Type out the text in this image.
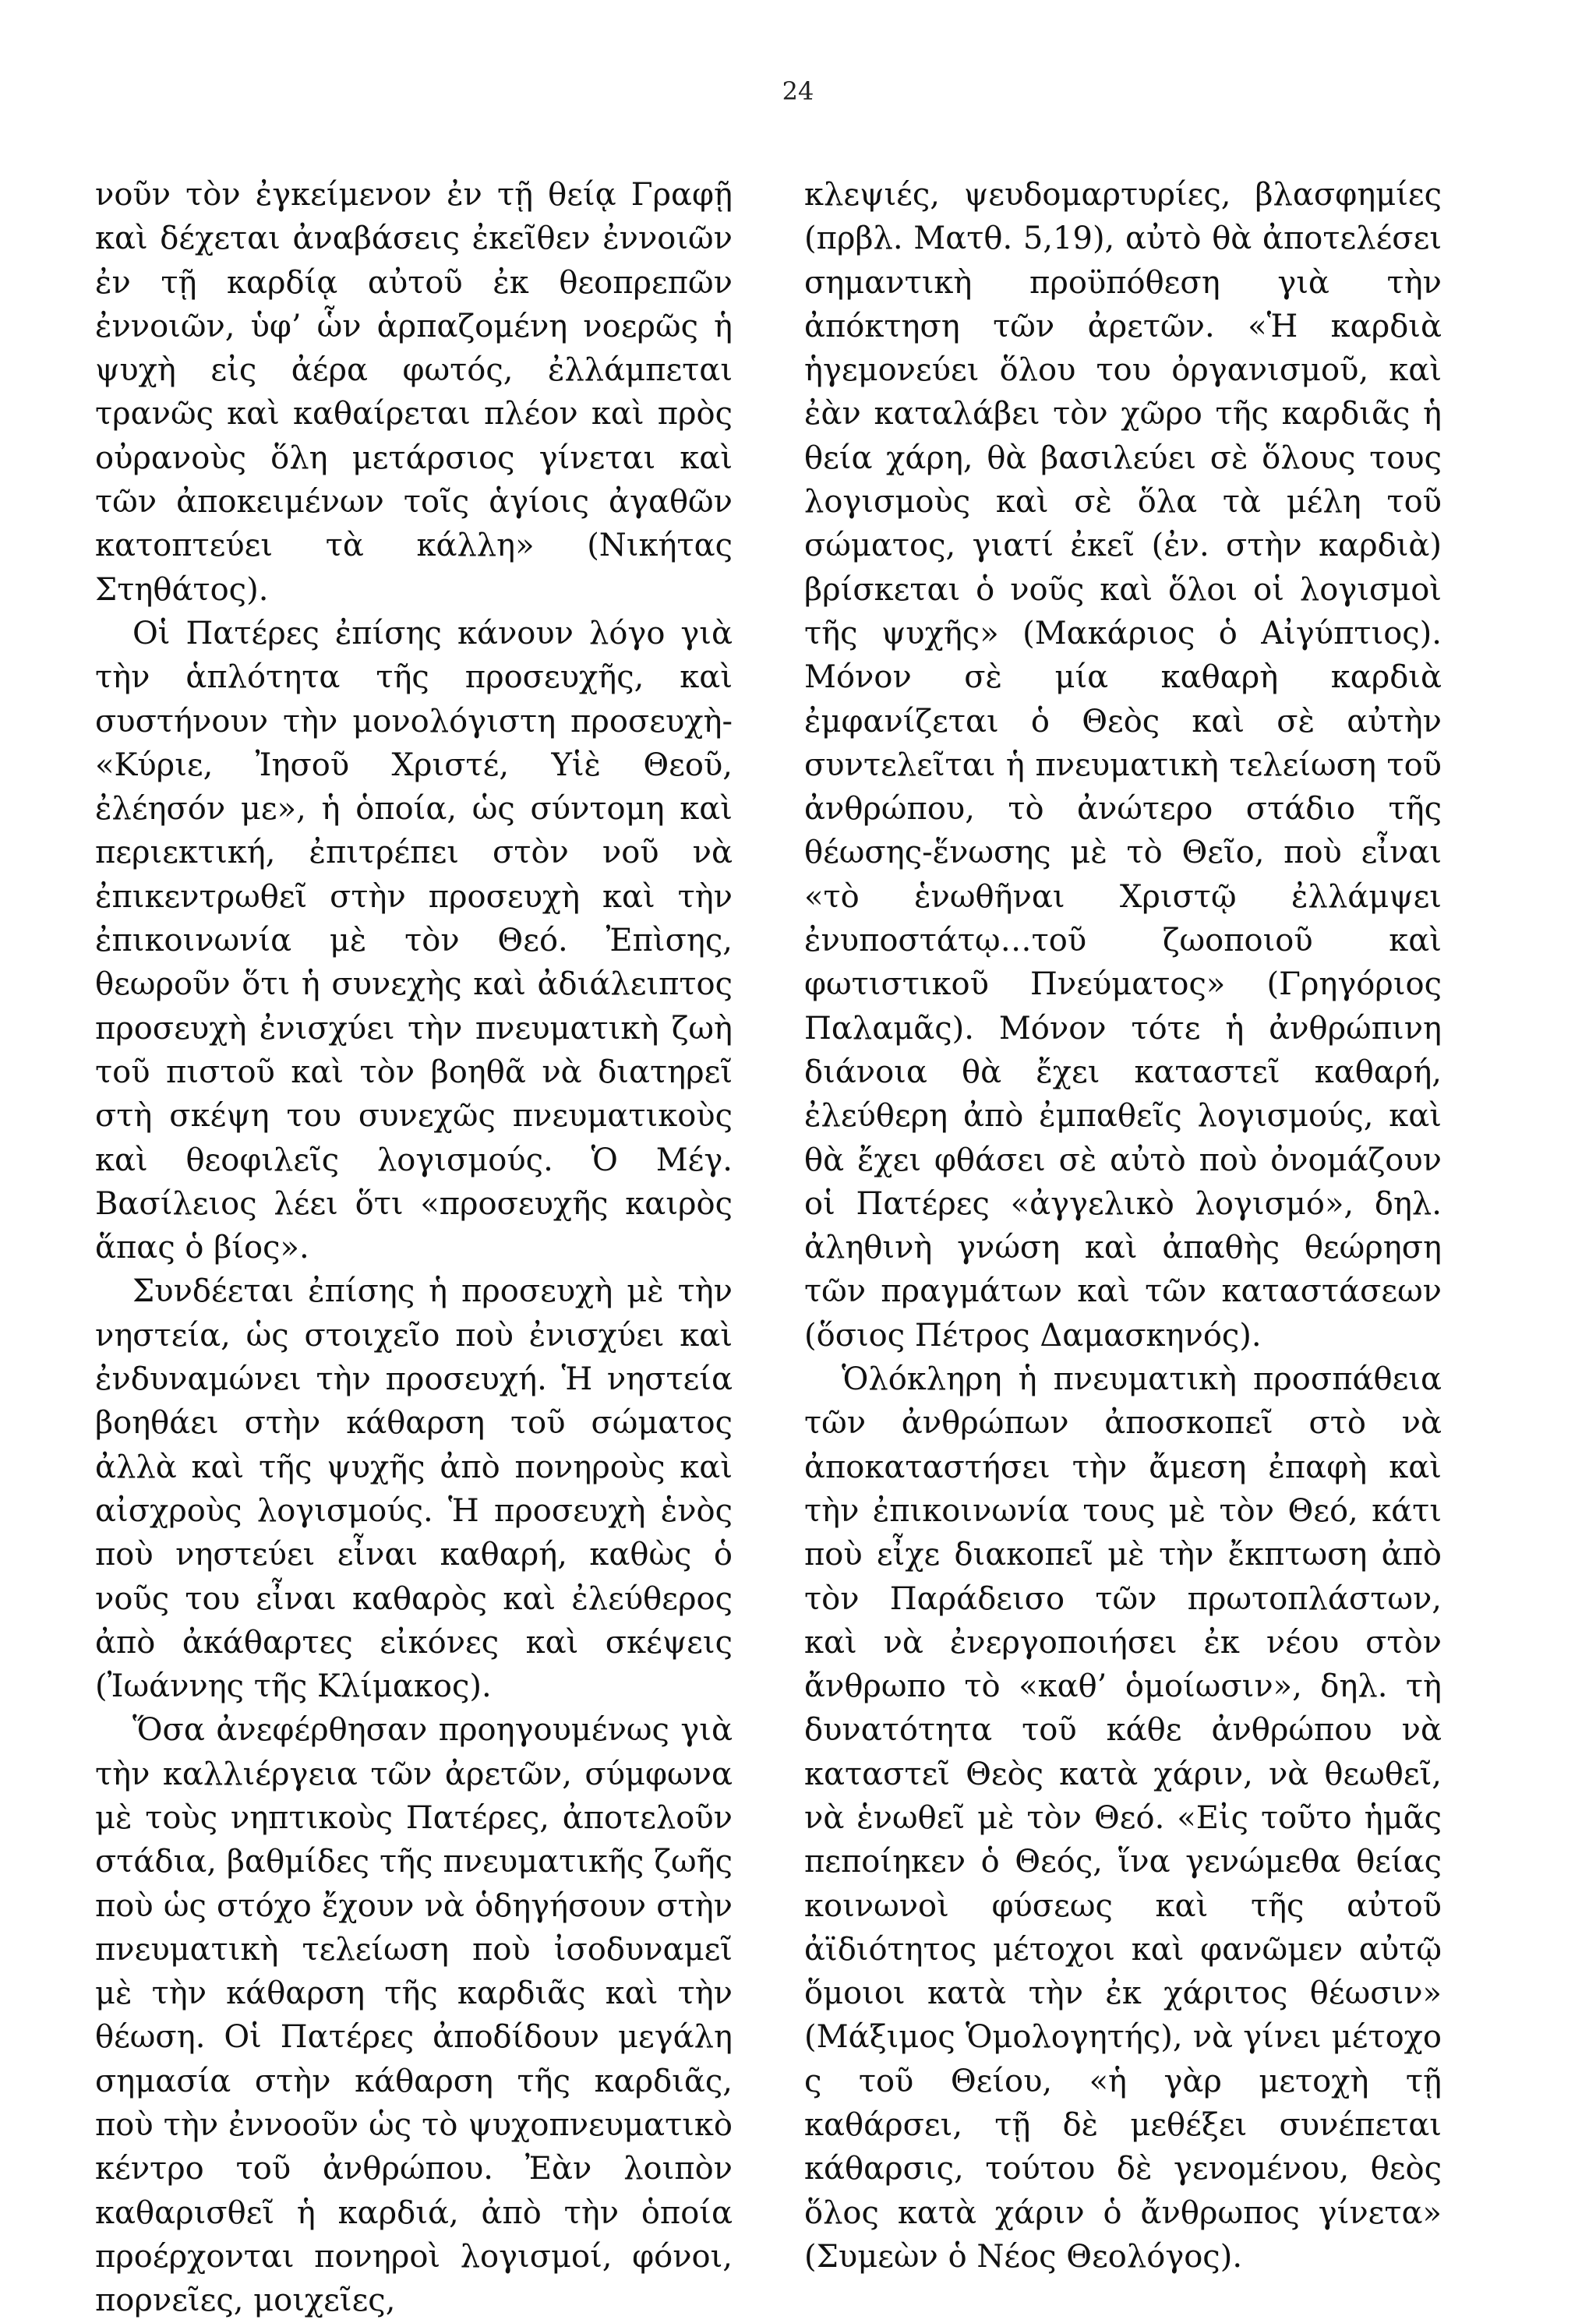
24

νοῦν τὸν ἐγκείμενον ἐν τῇ θείᾳ Γραφῇ καὶ δέχεται ἀναβάσεις ἐκεῖθεν ἐννοιῶν ἐν τῇ καρδίᾳ αὐτοῦ ἐκ θεοπρεπῶν ἐννοιῶν, ὑφ’ ὧν ἁρπαζομένη νοερῶς ἡ ψυχὴ εἰς ἀέρα φωτός, ἐλλάμπεται τρανῶς καὶ καθαίρεται πλέον καὶ πρὸς οὐρανοὺς ὅλη μετάρσιος γίνεται καὶ τῶν ἀποκειμένων τοῖς ἁγίοις ἀγαθῶν κατοπτεύει τὰ κάλλη» (Νικήτας Στηθάτος).

Οἱ Πατέρες ἐπίσης κάνουν λόγο γιὰ τὴν ἁπλότητα τῆς προσευχῆς, καὶ συστήνουν τὴν μονολόγιστη προσευχὴ- «Κύριε, Ἰησοῦ Χριστέ, Υἱὲ Θεοῦ, ἐλέησόν με», ἡ ὁποία, ὡς σύντομη καὶ περιεκτική, ἐπιτρέπει στὸν νοῦ νὰ ἐπικεντρωθεῖ στὴν προσευχὴ καὶ τὴν ἐπικοινωνία μὲ τὸν Θεό. Ἐπὶσης, θεωροῦν ὅτι ἡ συνεχὴς καὶ ἀδιάλειπτος προσευχὴ ἐνισχύει τὴν πνευματικὴ ζωὴ τοῦ πιστοῦ καὶ τὸν βοηθᾶ νὰ διατηρεῖ στὴ σκέψη του συνεχῶς πνευματικοὺς καὶ θεοφιλεῖς λογισμούς. Ὁ Μέγ. Βασίλειος λέει ὅτι «προσευχῆς καιρὸς ἅπας ὁ βίος».

Συνδέεται ἐπίσης ἡ προσευχὴ μὲ τὴν νηστεία, ὡς στοιχεῖο ποὺ ἐνισχύει καὶ ἐνδυναμώνει τὴν προσευχή. Ἡ νηστεία βοηθάει στὴν κάθαρση τοῦ σώματος ἀλλὰ καὶ τῆς ψυχῆς ἀπὸ πονηροὺς καὶ αἰσχροὺς λογισμούς. Ἡ προσευχὴ ἑνὸς ποὺ νηστεύει εἶναι καθαρή, καθὼς ὁ νοῦς του εἶναι καθαρὸς καὶ ἐλεύθερος ἀπὸ ἀκάθαρτες εἰκόνες καὶ σκέψεις (Ἰωάννης τῆς Κλίμακος).

Ὅσα ἀνεφέρθησαν προηγουμένως γιὰ τὴν καλλιέργεια τῶν ἀρετῶν, σύμφωνα μὲ τοὺς νηπτικοὺς Πατέρες, ἀποτελοῦν στάδια, βαθμίδες τῆς πνευματικῆς ζωῆς ποὺ ὡς στόχο ἔχουν νὰ ὁδηγήσουν στὴν πνευματικὴ τελείωση ποὺ ἰσοδυναμεῖ μὲ τὴν κάθαρση τῆς καρδιᾶς καὶ τὴν θέωση. Οἱ Πατέρες ἀποδίδουν μεγάλη σημασία στὴν κάθαρση τῆς καρδιᾶς, ποὺ τὴν ἐννοοῦν ὡς τὸ ψυχοπνευματικὸ κέντρο τοῦ ἀνθρώπου. Ἐὰν λοιπὸν καθαρισθεῖ ἡ καρδιά, ἀπὸ τὴν ὁποία προέρχονται πονηροὶ λογισμοί, φόνοι, πορνεῖες, μοιχεῖες,

κλεψιές, ψευδομαρτυρίες, βλασφημίες (πρβλ. Ματθ. 5,19), αὐτὸ θὰ ἀποτελέσει σημαντικὴ προϋπόθεση γιὰ τὴν ἀπόκτηση τῶν ἀρετῶν. «Ἡ καρδιὰ ἡγεμονεύει ὅλου του ὀργανισμοῦ, καὶ ἐὰν καταλάβει τὸν χῶρο τῆς καρδιᾶς ἡ θεία χάρη, θὰ βασιλεύει σὲ ὅλους τους λογισμοὺς καὶ σὲ ὅλα τὰ μέλη τοῦ σώματος, γιατί ἐκεῖ (ἐν. στὴν καρδιὰ) βρίσκεται ὁ νοῦς καὶ ὅλοι οἱ λογισμοὶ τῆς ψυχῆς» (Μακάριος ὁ Αἰγύπτιος). Μόνον σὲ μία καθαρὴ καρδιὰ ἐμφανίζεται ὁ Θεὸς καὶ σὲ αὐτὴν συντελεῖται ἡ πνευματικὴ τελείωση τοῦ ἀνθρώπου, τὸ ἀνώτερο στάδιο τῆς θέωσης-ἕνωσης μὲ τὸ Θεῖο, ποὺ εἶναι «τὸ ἑνωθῆναι Χριστῷ ἐλλάμψει ἐνυποστάτῳ…τοῦ ζωοποιοῦ καὶ φωτιστικοῦ Πνεύματος» (Γρηγόριος Παλαμᾶς). Μόνον τότε ἡ ἀνθρώπινη διάνοια θὰ ἔχει καταστεῖ καθαρή, ἐλεύθερη ἀπὸ ἐμπαθεῖς λογισμούς, καὶ θὰ ἔχει φθάσει σὲ αὐτὸ ποὺ ὀνομάζουν οἱ Πατέρες «ἀγγελικὸ λογισμό», δηλ. ἀληθινὴ γνώση καὶ ἀπαθὴς θεώρηση τῶν πραγμάτων καὶ τῶν καταστάσεων (ὅσιος Πέτρος Δαμασκηνός).

Ὁλόκληρη ἡ πνευματικὴ προσπάθεια τῶν ἀνθρώπων ἀποσκοπεῖ στὸ νὰ ἀποκαταστήσει τὴν ἄμεση ἐπαφὴ καὶ τὴν ἐπικοινωνία τους μὲ τὸν Θεό, κάτι ποὺ εἶχε διακοπεῖ μὲ τὴν ἔκπτωση ἀπὸ τὸν Παράδεισο τῶν πρωτοπλάστων, καὶ νὰ ἐνεργοποιήσει ἐκ νέου στὸν ἄνθρωπο τὸ «καθ’ ὁμοίωσιν», δηλ. τὴ δυνατότητα τοῦ κάθε ἀνθρώπου νὰ καταστεῖ Θεὸς κατὰ χάριν, νὰ θεωθεῖ, νὰ ἑνωθεῖ μὲ τὸν Θεό. «Εἰς τοῦτο ἡμᾶς πεποίηκεν ὁ Θεός, ἵνα γενώμεθα θείας κοινωνοὶ φύσεως καὶ τῆς αὐτοῦ ἀϊδιότητος μέτοχοι καὶ φανῶμεν αὐτῷ ὅμοιοι κατὰ τὴν ἐκ χάριτος θέωσιν» (Μάξιμος Ὁμολογητής), νὰ γίνει μέτοχο ς τοῦ Θείου, «ἡ γὰρ μετοχὴ τῇ καθάρσει, τῇ δὲ μεθέξει συνέπεται κάθαρσις, τούτου δὲ γενομένου, θεὸς ὅλος κατὰ χάριν ὁ ἄνθρωπος γίνετα» (Συμεὼν ὁ Νέος Θεολόγος).
